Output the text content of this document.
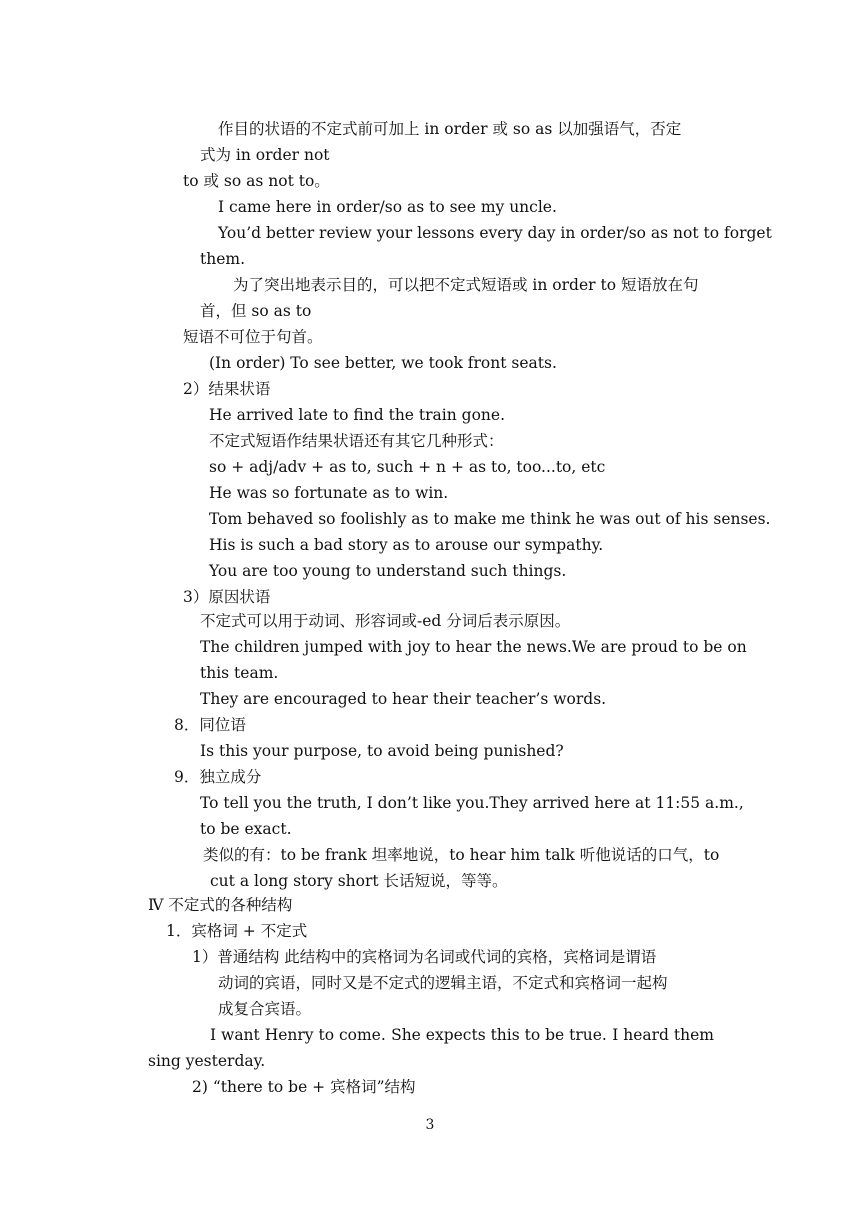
作目的状语的不定式前可加上 in order 或 so as 以加强语气，否定
式为 in order not
to 或 so as not to。
I came here in order/so as to see my uncle.
You’d better review your lessons every day in order/so as not to forget
them.
为了突出地表示目的，可以把不定式短语或 in order to 短语放在句
首，但 so as to
短语不可位于句首。
(In order) To see better, we took front seats.
2）结果状语
He arrived late to find the train gone.
不定式短语作结果状语还有其它几种形式：
so + adj/adv + as to, such + n + as to, too...to, etc
He was so fortunate as to win.
Tom behaved so foolishly as to make me think he was out of his senses.
His is such a bad story as to arouse our sympathy.
You are too young to understand such things.
3）原因状语
不定式可以用于动词、形容词或-ed 分词后表示原因。
The children jumped with joy to hear the news. We are proud to be on
this team.
They are encouraged to hear their teacher’s words.
8．同位语
Is this your purpose, to avoid being punished?
9．独立成分
To tell you the truth, I don’t like you. They arrived here at 11:55 a.m.,
to be exact.
类似的有：to be frank 坦率地说，to hear him talk 听他说话的口气，to
cut a long story short 长话短说，等等。
Ⅳ 不定式的各种结构
1．宾格词 + 不定式
1）普通结构 此结构中的宾格词为名词或代词的宾格，宾格词是谓语
动词的宾语，同时又是不定式的逻辑主语，不定式和宾格词一起构
成复合宾语。
I want Henry to come. She expects this to be true. I heard them
sing yesterday.
2) “there to be + 宾格词”结构
3
